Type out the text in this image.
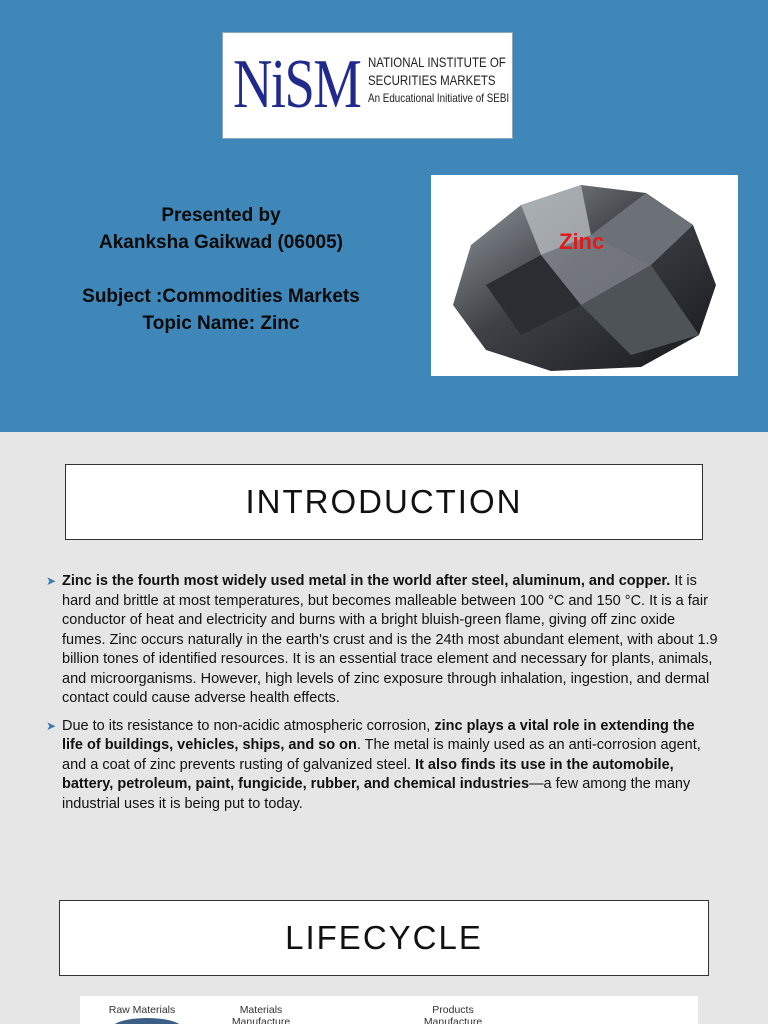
NiSM NATIONAL INSTITUTE OF
SECURITIES MARKETS
An Educational Initiative of SEBI
Presented by
Akanksha Gaikwad (06005)
Subject :Commodities Markets
Topic Name: Zinc
Zinc
INTRODUCTION

➤ Zinc is the fourth most widely used metal in the world after steel, aluminum, and copper. It is hard and brittle at most temperatures, but becomes malleable between 100 °C and 150 °C. It is a fair conductor of heat and electricity and burns with a bright bluish-green flame, giving off zinc oxide fumes. Zinc occurs naturally in the earth's crust and is the 24th most abundant element, with about 1.9 billion tones of identified resources. It is an essential trace element and necessary for plants, animals, and microorganisms. However, high levels of zinc exposure through inhalation, ingestion, and dermal contact could cause adverse health effects.

➤ Due to its resistance to non-acidic atmospheric corrosion, zinc plays a vital role in extending the life of buildings, vehicles, ships, and so on. The metal is mainly used as an anti-corrosion agent, and a coat of zinc prevents rusting of galvanized steel. It also finds its use in the automobile, battery, petroleum, paint, fungicide, rubber, and chemical industries—a few among the many industrial uses it is being put to today.

LIFECYCLE
Raw Materials	Materials Manufacture
Products Manufacture
